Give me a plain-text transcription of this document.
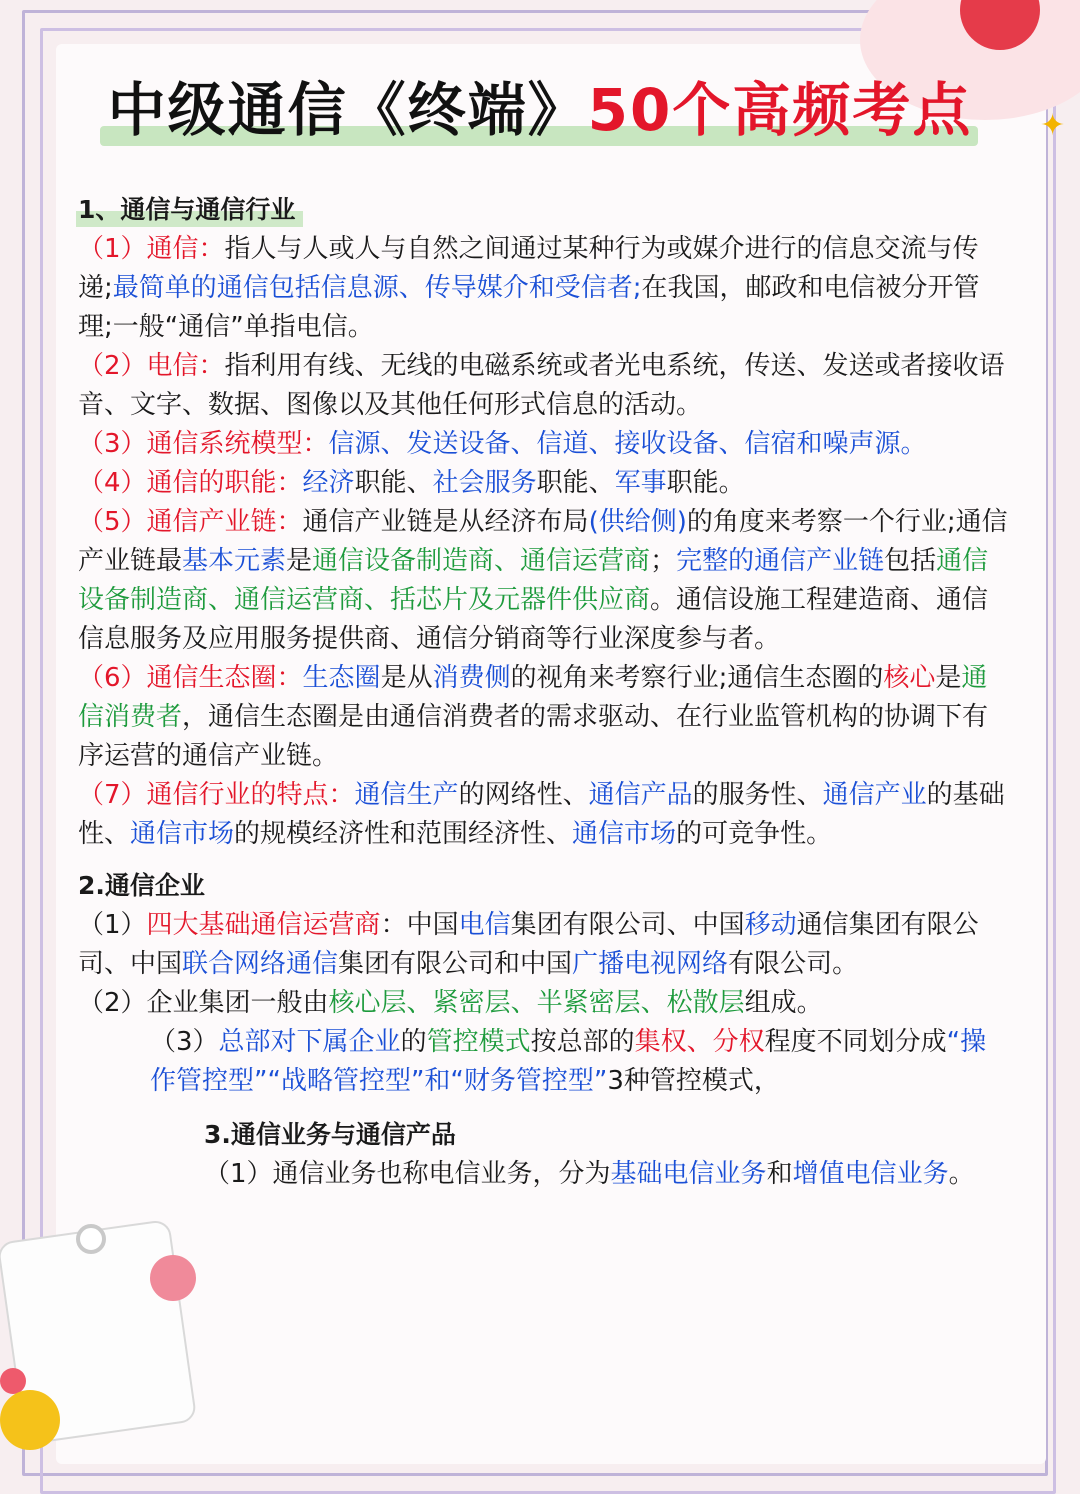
✦
中级通信《终端》50个高频考点
1、通信与通信行业

（1）通信：指人与人或人与自然之间通过某种行为或媒介进行的信息交流与传递;最简单的通信包括信息源、传导媒介和受信者;在我国，邮政和电信被分开管理;一般“通信”单指电信。

（2）电信：指利用有线、无线的电磁系统或者光电系统，传送、发送或者接收语音、文字、数据、图像以及其他任何形式信息的活动。

（3）通信系统模型：信源、发送设备、信道、接收设备、信宿和噪声源。

（4）通信的职能：经济职能、社会服务职能、军事职能。

（5）通信产业链：通信产业链是从经济布局(供给侧)的角度来考察一个行业;通信产业链最基本元素是通信设备制造商、通信运营商；完整的通信产业链包括通信设备制造商、通信运营商、括芯片及元器件供应商。通信设施工程建造商、通信信息服务及应用服务提供商、通信分销商等行业深度参与者。

（6）通信生态圈：生态圈是从消费侧的视角来考察行业;通信生态圈的核心是通信消费者，通信生态圈是由通信消费者的需求驱动、在行业监管机构的协调下有序运营的通信产业链。

（7）通信行业的特点：通信生产的网络性、通信产品的服务性、通信产业的基础性、通信市场的规模经济性和范围经济性、通信市场的可竞争性。

2.通信企业

（1）四大基础通信运营商：中国电信集团有限公司、中国移动通信集团有限公司、中国联合网络通信集团有限公司和中国广播电视网络有限公司。

（2）企业集团一般由核心层、紧密层、半紧密层、松散层组成。

（3）总部对下属企业的管控模式按总部的集权、分权程度不同划分成“操作管控型”“战略管控型”和“财务管控型”3种管控模式，

3.通信业务与通信产品

（1）通信业务也称电信业务，分为基础电信业务和增值电信业务。
